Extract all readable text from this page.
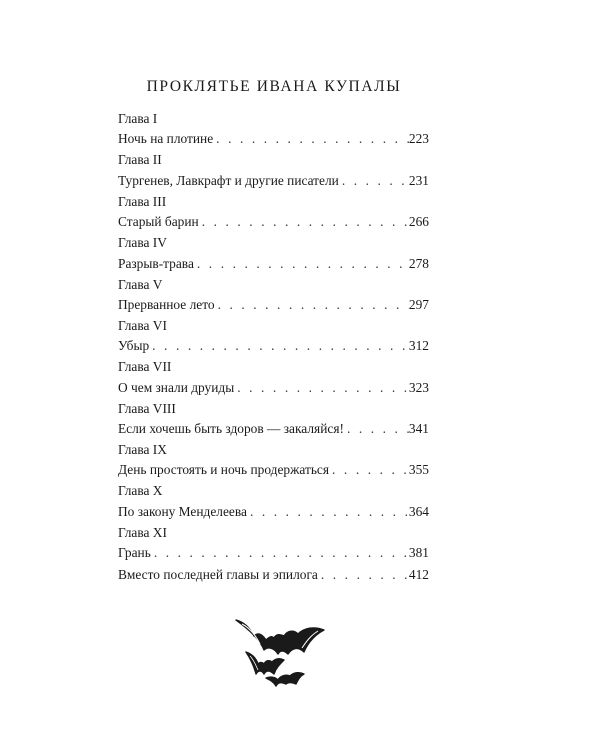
ПРОКЛЯТЬЕ ИВАНА КУПАЛЫ
Глава I
Ночь на плотине . . .	223
Глава II
Тургенев, Лавкрафт и другие писатели . . .	231
Глава III
Старый барин . . .	266
Глава IV
Разрыв-трава . . .	278
Глава V
Прерванное лето . . .	297
Глава VI
Убыр . . .	312
Глава VII
О чем знали друиды . . .	323
Глава VIII
Если хочешь быть здоров — закаляйся! . . .	341
Глава IX
День простоять и ночь продержаться . . .	355
Глава X
По закону Менделеева . . .	364
Глава XI
Грань . . .	381
Вместо последней главы и эпилога . . .	412
